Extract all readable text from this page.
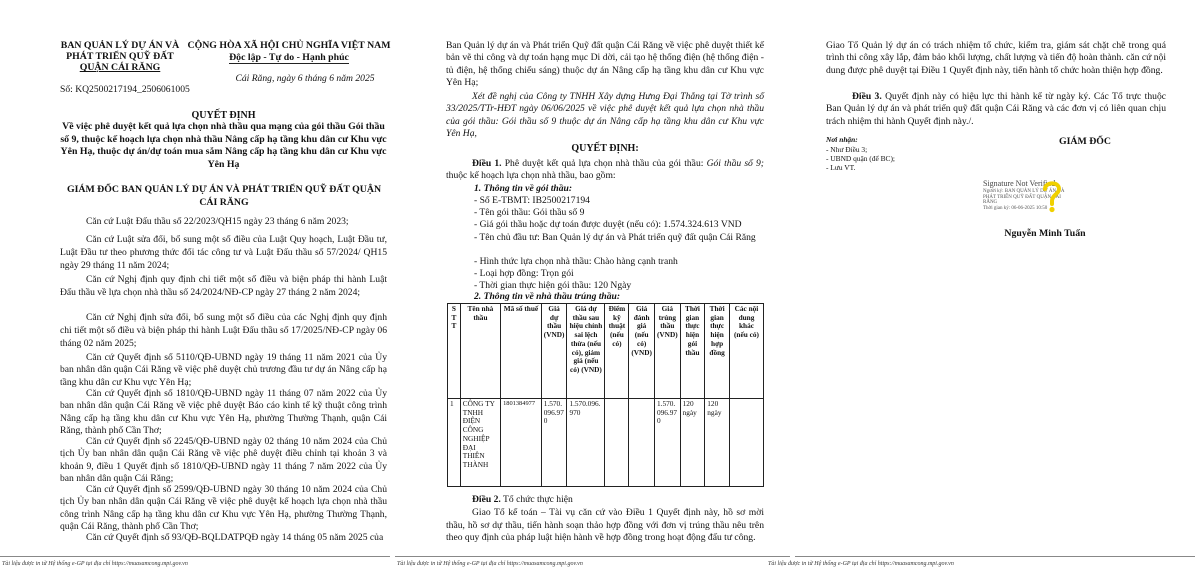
BAN QUẢN LÝ DỰ ÁN VÀ
PHÁT TRIỂN QUỸ ĐẤT
QUẬN CÁI RĂNG
CỘNG HÒA XÃ HỘI CHỦ NGHĨA VIỆT NAM
Độc lập - Tự do - Hạnh phúc
Cái Răng, ngày 6 tháng 6 năm 2025
Số: KQ2500217194_2506061005
QUYẾT ĐỊNH
Về việc phê duyệt kết quả lựa chọn nhà thầu qua mạng của gói thầu Gói thầu số 9, thuộc kế hoạch lựa chọn nhà thầu Nâng cấp hạ tầng khu dân cư Khu vực Yên Hạ, thuộc dự án/dự toán mua sắm Nâng cấp hạ tầng khu dân cư Khu vực Yên Hạ
GIÁM ĐỐC BAN QUẢN LÝ DỰ ÁN VÀ PHÁT TRIỂN QUỸ ĐẤT QUẬN CÁI RĂNG
Căn cứ Luật Đấu thầu số 22/2023/QH15 ngày 23 tháng 6 năm 2023;
Căn cứ Luật sửa đổi, bổ sung một số điều của Luật Quy hoạch, Luật Đầu tư, Luật Đầu tư theo phương thức đối tác công tư và Luật Đấu thầu số 57/2024/ QH15 ngày 29 tháng 11 năm 2024;
Căn cứ Nghị định quy định chi tiết một số điều và biện pháp thi hành Luật Đấu thầu về lựa chọn nhà thầu số 24/2024/NĐ-CP ngày 27 tháng 2 năm 2024;
Căn cứ Nghị định sửa đổi, bổ sung một số điều của các Nghị định quy định chi tiết một số điều và biện pháp thi hành Luật Đấu thầu số 17/2025/NĐ-CP ngày 06 tháng 02 năm 2025;
Căn cứ Quyết định số 5110/QĐ-UBND ngày 19 tháng 11 năm 2021 của Ủy ban nhân dân quận Cái Răng về việc phê duyệt chủ trương đầu tư dự án Nâng cấp hạ tầng khu dân cư Khu vực Yên Hạ;
Căn cứ Quyết định số 1810/QĐ-UBND ngày 11 tháng 07 năm 2022 của Ủy ban nhân dân quận Cái Răng về việc phê duyệt Báo cáo kinh tế kỹ thuật công trình Nâng cấp hạ tầng khu dân cư Khu vực Yên Hạ, phường Thường Thạnh, quận Cái Răng, thành phố Cần Thơ;
Căn cứ Quyết định số 2245/QĐ-UBND ngày 02 tháng 10 năm 2024 của Chủ tịch Ủy ban nhân dân quận Cái Răng về việc phê duyệt điều chỉnh tại khoản 3 và khoản 9, điều 1 Quyết định số 1810/QĐ-UBND ngày 11 tháng 7 năm 2022 của Ủy ban nhân dân quận Cái Răng;
Căn cứ Quyết định số 2599/QĐ-UBND ngày 30 tháng 10 năm 2024 của Chủ tịch Ủy ban nhân dân quận Cái Răng về việc phê duyệt kế hoạch lựa chọn nhà thầu công trình Nâng cấp hạ tầng khu dân cư Khu vực Yên Hạ, phường Thường Thạnh, quận Cái Răng, thành phố Cần Thơ;
Căn cứ Quyết định số 93/QĐ-BQLDATPQĐ ngày 14 tháng 05 năm 2025 của
Tài liệu được in từ Hệ thống e-GP tại địa chỉ https://muasamcong.mpi.gov.vn
Ban Quản lý dự án và Phát triển Quỹ đất quận Cái Răng về việc phê duyệt thiết kế bản vẽ thi công và dự toán hạng mục Di dời, cải tạo hệ thống điện (hệ thống điện - tủ điện, hệ thống chiếu sáng) thuộc dự án Nâng cấp hạ tầng khu dân cư Khu vực Yên Hạ;
Xét đề nghị của Công ty TNHH Xây dựng Hưng Đại Thắng tại Tờ trình số 33/2025/TTr-HĐT ngày 06/06/2025 về việc phê duyệt kết quả lựa chọn nhà thầu của gói thầu: Gói thầu số 9 thuộc dự án Nâng cấp hạ tầng khu dân cư Khu vực Yên Hạ,
QUYẾT ĐỊNH:
Điều 1. Phê duyệt kết quả lựa chọn nhà thầu của gói thầu: Gói thầu số 9; thuộc kế hoạch lựa chọn nhà thầu, bao gồm:
1. Thông tin về gói thầu:
- Số E-TBMT: IB2500217194
- Tên gói thầu: Gói thầu số 9
- Giá gói thầu hoặc dự toán được duyệt (nếu có): 1.574.324.613 VND
- Tên chủ đầu tư: Ban Quản lý dự án và Phát triển quỹ đất quận Cái Răng
- Hình thức lựa chọn nhà thầu: Chào hàng cạnh tranh
- Loại hợp đồng: Trọn gói
- Thời gian thực hiện gói thầu: 120 Ngày
2. Thông tin về nhà thầu trúng thầu:
S T T	Tên nhà thầu	Mã số thuế	Giá dự thầu (VND)	Giá dự thầu sau hiệu chỉnh sai lệch thừa (nếu có), giảm giá (nếu có) (VND)	Điểm kỹ thuật (nếu có)	Giá đánh giá (nếu có) (VND)	Giá trúng thầu (VND)	Thời gian thực hiện gói thầu	Thời gian thực hiện hợp đồng	Các nội dung khác (nếu có)
1	CÔNG TY TNHH ĐIỆN CÔNG NGHIỆP ĐẠI THIÊN THÀNH	1801384977	1.570.096.970	1.570.096.970			1.570.096.970	120 ngày	120 ngày	
Điều 2. Tổ chức thực hiện
Giao Tổ kế toán – Tài vụ căn cứ vào Điều 1 Quyết định này, hồ sơ mời thầu, hồ sơ dự thầu, tiến hành soạn thảo hợp đồng với đơn vị trúng thầu nêu trên theo quy định của pháp luật hiện hành về hợp đồng trong hoạt động đấu tư công.
Tài liệu được in từ Hệ thống e-GP tại địa chỉ https://muasamcong.mpi.gov.vn
Giao Tổ Quản lý dự án có trách nhiệm tổ chức, kiểm tra, giám sát chặt chẽ trong quá trình thi công xây lắp, đảm bảo khối lượng, chất lượng và tiến độ hoàn thành. căn cứ nội dung được phê duyệt tại Điều 1 Quyết định này, tiến hành tổ chức hoàn thiện hợp đồng.
Điều 3. Quyết định này có hiệu lực thi hành kể từ ngày ký. Các Tổ trực thuộc Ban Quản lý dự án và phát triển quỹ đất quận Cái Răng và các đơn vị có liên quan chịu trách nhiệm thi hành Quyết định này./.
Nơi nhận:
- Như Điều 3;
- UBND quận (để BC);
- Lưu VT.
GIÁM ĐỐC
Signature Not Verified
Người ký: BAN QUẢN LÝ DỰ ÁN VÀ PHÁT TRIỂN QUỸ ĐẤT QUẬN CÁI RĂNG
Thời gian ký: 06-06-2025 10:50
Nguyễn Minh Tuấn
Tài liệu được in từ Hệ thống e-GP tại địa chỉ https://muasamcong.mpi.gov.vn
